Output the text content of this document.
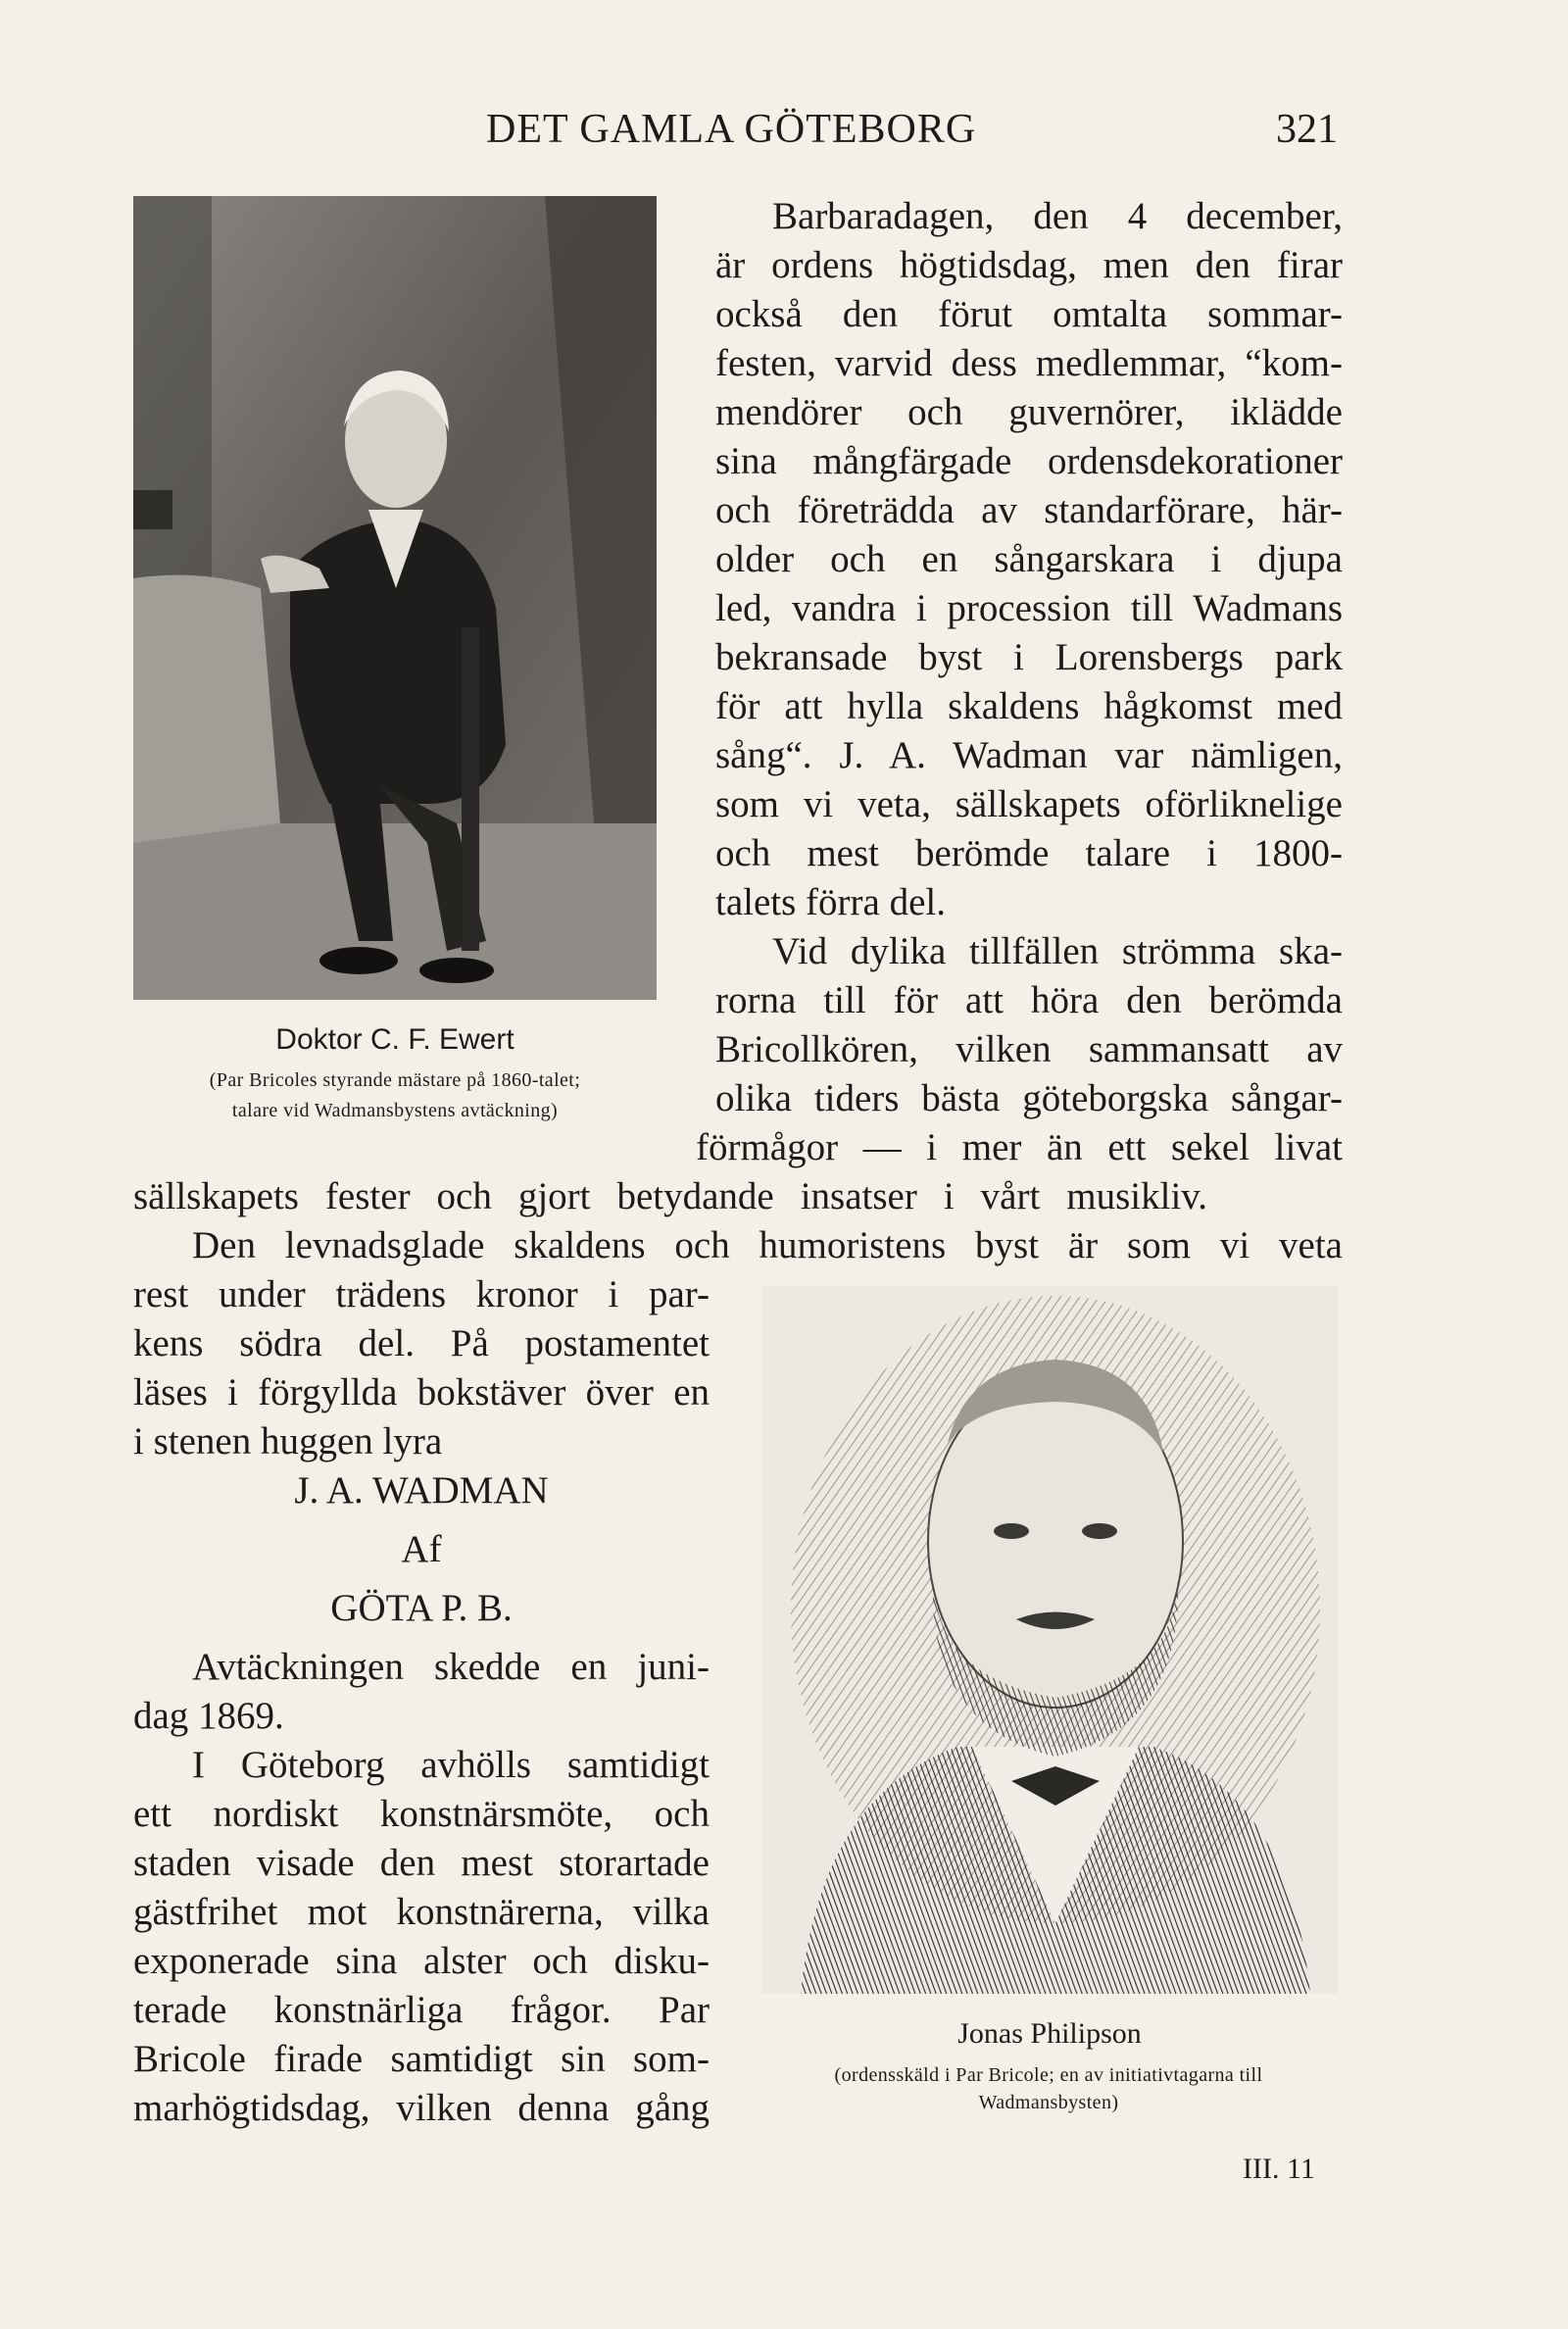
DET GAMLA GÖTEBORG	321
Doktor C. F. Ewert
(Par Bricoles styrande mästare på 1860-talet;
talare vid Wadmansbystens avtäckning)
Barbaradagen, den 4 december,
är ordens högtidsdag, men den firar
också den förut omtalta sommar-
festen, varvid dess medlemmar, “kom-
mendörer och guvernörer, iklädde
sina mångfärgade ordensdekorationer
och företrädda av standarförare, här-
older och en sångarskara i djupa
led, vandra i procession till Wadmans
bekransade byst i Lorensbergs park
för att hylla skaldens hågkomst med
sång“. J. A. Wadman var nämligen,
som vi veta, sällskapets oförliknelige
och mest berömde talare i 1800-
talets förra del.
Vid dylika tillfällen strömma ska-
rorna till för att höra den berömda
Bricollkören, vilken sammansatt av
olika tiders bästa göteborgska sångar-
förmågor — i mer än ett sekel livat
sällskapets fester och gjort betydande insatser i vårt musikliv.
Den levnadsglade skaldens och humoristens byst är som vi veta
rest under trädens kronor i par-
kens södra del. På postamentet
läses i förgyllda bokstäver över en
i stenen huggen lyra
J. A. WADMAN
Af
GÖTA P. B.
Avtäckningen skedde en juni-
dag 1869.
I Göteborg avhölls samtidigt
ett nordiskt konstnärsmöte, och
staden visade den mest storartade
gästfrihet mot konstnärerna, vilka
exponerade sina alster och disku-
terade konstnärliga frågor. Par
Bricole firade samtidigt sin som-
marhögtidsdag, vilken denna gång
Jonas Philipson
(ordensskäld i Par Bricole; en av initiativtagarna till
Wadmansbysten)
III. 11
